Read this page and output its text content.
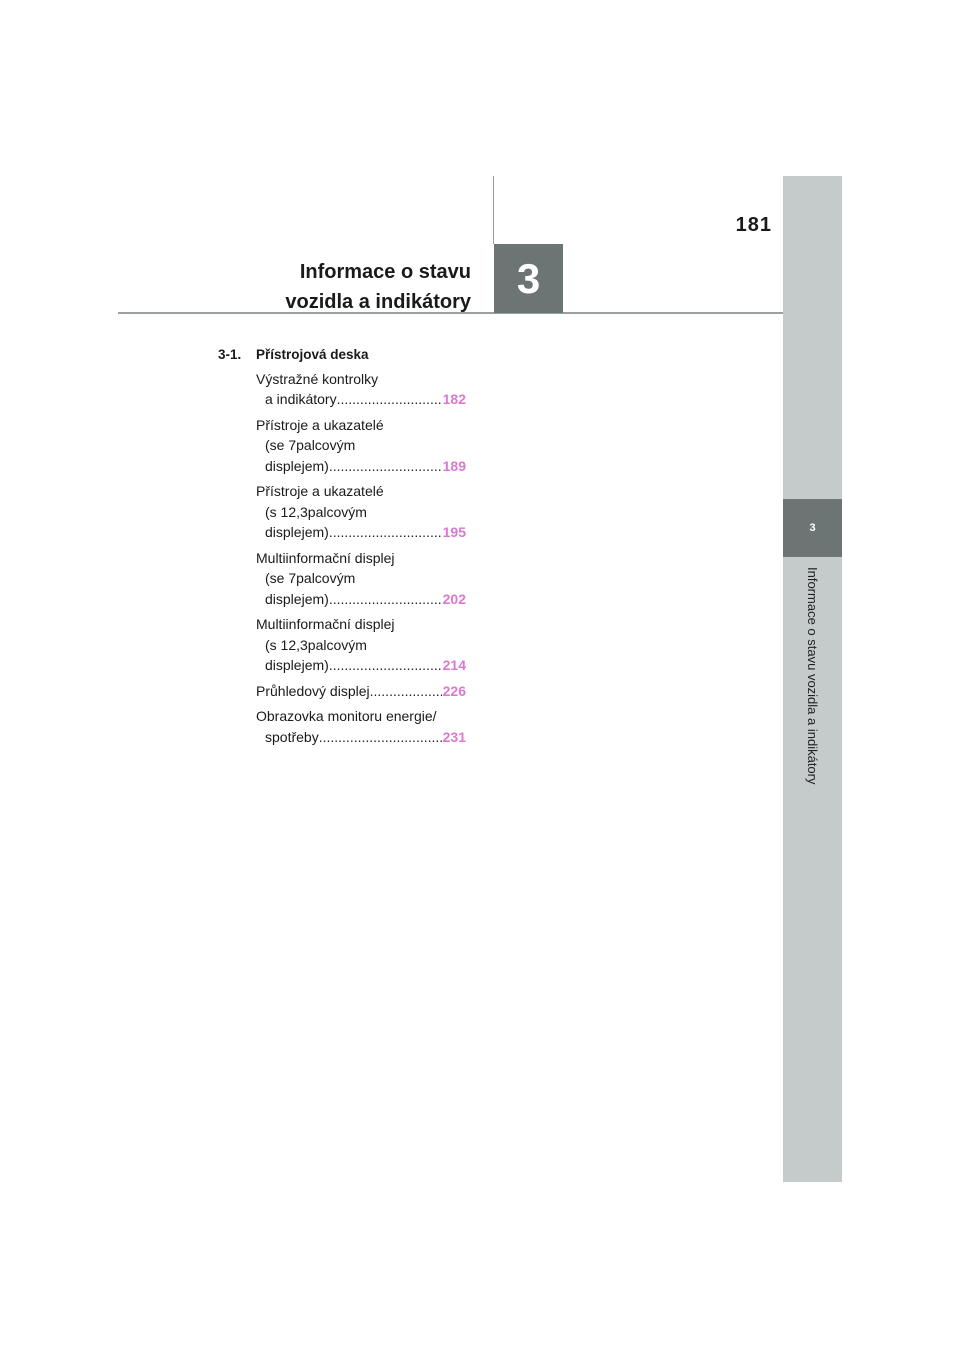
3
Informace o stavu vozidla a indikátory
3
Informace o stavu
vozidla a indikátory
181
3-1. Přístrojová deska
Výstražné kontrolky
a indikátory .....	182
Přístroje a ukazatelé
(se 7palcovým
displejem) .....	189
Přístroje a ukazatelé
(s 12,3palcovým
displejem) .....	195
Multiinformační displej
(se 7palcovým
displejem) .....	202
Multiinformační displej
(s 12,3palcovým
displejem) .....	214
Průhledový displej .....	226
Obrazovka monitoru energie/
spotřeby .....	231
